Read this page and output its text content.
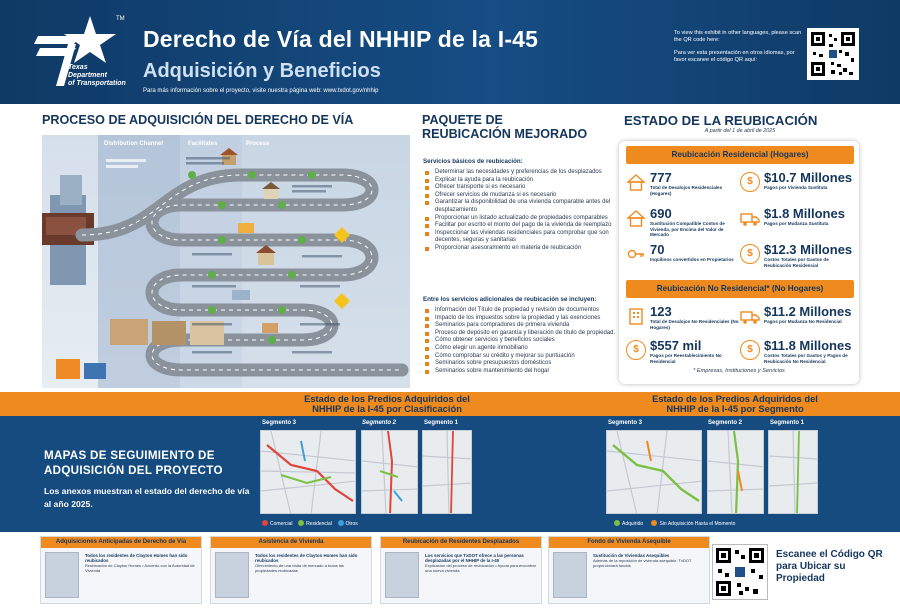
TM
Texas
Department
of Transportation
Derecho de Vía del NHHIP de la I-45
Adquisición y Beneficios
Para más información sobre el proyecto, visite nuestra página web: www.txdot.gov/nhhip

To view this exhibit in other languages, please scan the QR code here:

Para ver esta presentación en otros idiomas, por favor escanee el código QR aquí:

PROCESO DE ADQUISICIÓN DEL DERECHO DE VÍA	PAQUETE DE
REUBICACIÓN MEJORADO
ESTADO DE LA REUBICACIÓN
A partir del 1 de abril de 2025
Distribution Channel	Facilitates	Process
Servicios básicos de reubicación:
Determinar las necesidades y preferencias de los desplazados
Explicar la ayuda para la reubicación
Ofrecer transporte si es necesario
Ofrecer servicios de mudanza si es necesario
Garantizar la disponibilidad de una vivienda comparable antes del desplazamiento
Proporcionar un listado actualizado de propiedades comparables
Facilitar por escrito el monto del pago de la vivienda de reemplazo
Inspeccionar las viviendas residenciales para comprobar que son decentes, seguras y sanitarias
Proporcionar asesoramiento en materia de reubicación
Entre los servicios adicionales de reubicación se incluyen:
Información del Título de propiedad y revisión de documentos
Impacto de los impuestos sobre la propiedad y las exenciones
Seminarios para compradores de primera vivienda
Proceso de depósito en garantía y liberación de título de propiedad.
Cómo obtener servicios y beneficios sociales
Cómo elegir un agente inmobiliario
Cómo comprobar su crédito y mejorar su puntuación
Seminarios sobre presupuestos domésticos
Seminarios sobre mantenimiento del hogar
Reubicación Residencial (Hogares)
Reubicación No Residencial* (No Hogares)
777
Total de Desalojos Residenciales (Hogares)
$ $10.7 Millones
Pagos por Vivienda Sustituta
690
Sustitución Compatible Costos de Vivienda, por Encima del Valor de Mercado
$1.8 Millones
Pagos por Mudanza Sustituta
70
Inquilinos convertidos en Propietarios
$ $12.3 Millones
Costos Totales por Gastos de Reubicación Residencial
123
Total de Desalojos No Residenciales (No Hogares)
$11.2 Millones
Pagos por Mudanza No Residencial
$ $557 mil
Pagos por Reestablecimiento No Residencial
$ $11.8 Millones
Costos Totales por Gastos y Pagos de Reubicación No Residencial
* Empresas, Instituciones y Servicios
Estado de los Predios Adquiridos del NHHIP de la I-45 por Clasificación
Estado de los Predios Adquiridos del NHHIP de la I-45 por Segmento
MAPAS DE SEGUIMIENTO DE ADQUISICIÓN DEL PROYECTO
Los anexos muestran el estado del derecho de vía al año 2025.
Segmento 3	Segmento 2	Segmento 1
Comercial	Residencial	Otros
Segmento 3	Segmento 2	Segmento 1
Adquirido	Sin Adquisición Hasta el Momento
Adquisiciones Anticipadas de Derecho de Vía
Todos los residentes de Clayton Homes han sido reubicados
Reubicación de Clayton Homes • Acuerdo con la Autoridad de Vivienda
Asistencia de Vivienda
Todos los residentes de Clayton Homes han sido reubicados
Ofrecimiento de una visita de mercado a todas las propiedades reubicadas
Reubicación de Residentes Desplazados
Los servicios que TxDOT ofrece a las personas desplazadas por el NHHIP de la I-45
Explicación del proceso de reubicación • Ayuda para encontrar una nueva vivienda
Fondo de Vivienda Asequible
Sustitución de Viviendas Asequibles
Además de la reposición de vivienda asequible, TxDOT proporcionará fondos
Escanee el Código QR para Ubicar su Propiedad
